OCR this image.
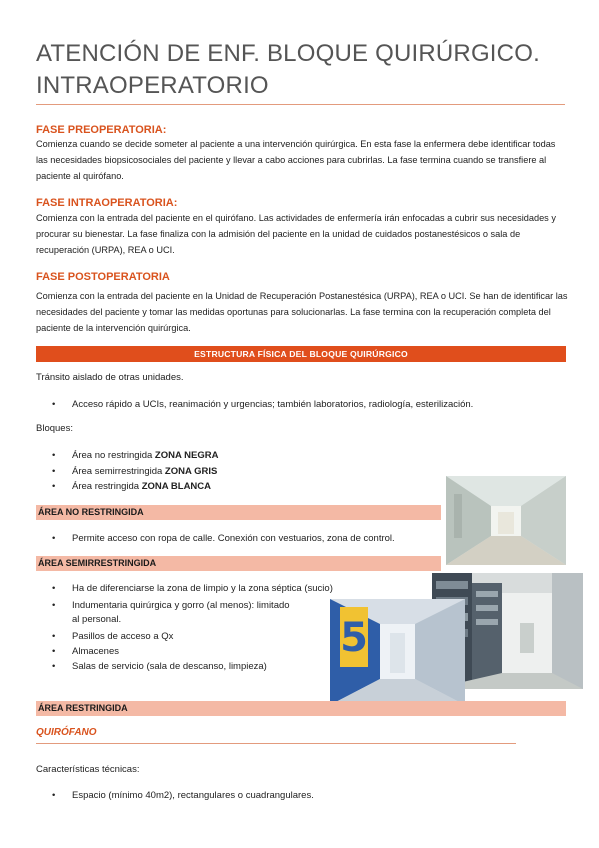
ATENCIÓN DE ENF. BLOQUE QUIRÚRGICO.
INTRAOPERATORIO
FASE PREOPERATORIA:
Comienza cuando se decide someter al paciente a una intervención quirúrgica. En esta fase la enfermera debe identificar todas las necesidades biopsicosociales del paciente y llevar a cabo acciones para cubrirlas. La fase termina cuando se transfiere al paciente al quirófano.
FASE INTRAOPERATORIA:
Comienza con la entrada del paciente en el quirófano. Las actividades de enfermería irán enfocadas a cubrir sus necesidades y procurar su bienestar. La fase finaliza con la admisión del paciente en la unidad de cuidados postanestésicos o sala de recuperación (URPA), REA o UCI.
FASE POSTOPERATORIA
Comienza con la entrada del paciente en la Unidad de Recuperación Postanestésica (URPA), REA o UCI. Se han de identificar las necesidades del paciente y tomar las medidas oportunas para solucionarlas. La fase termina con la recuperación completa del paciente de la intervención quirúrgica.
ESTRUCTURA FÍSICA DEL BLOQUE QUIRÚRGICO
Tránsito aislado de otras unidades.
• Acceso rápido a UCIs, reanimación y urgencias; también laboratorios, radiología, esterilización.
Bloques:
• Área no restringida ZONA NEGRA
• Área semirrestringida ZONA GRIS
• Área restringida ZONA BLANCA
ÁREA NO RESTRINGIDA
• Permite acceso con ropa de calle. Conexión con vestuarios, zona de control.
ÁREA SEMIRRESTRINGIDA
• Ha de diferenciarse la zona de limpio y la zona séptica (sucio)
• Indumentaria quirúrgica y gorro (al menos): limitado
al personal.
• Pasillos de acceso a Qx
• Almacenes
• Salas de servicio (sala de descanso, limpieza)
5
ÁREA RESTRINGIDA
QUIRÓFANO
Características técnicas:
• Espacio (mínimo 40m2), rectangulares o cuadrangulares.
